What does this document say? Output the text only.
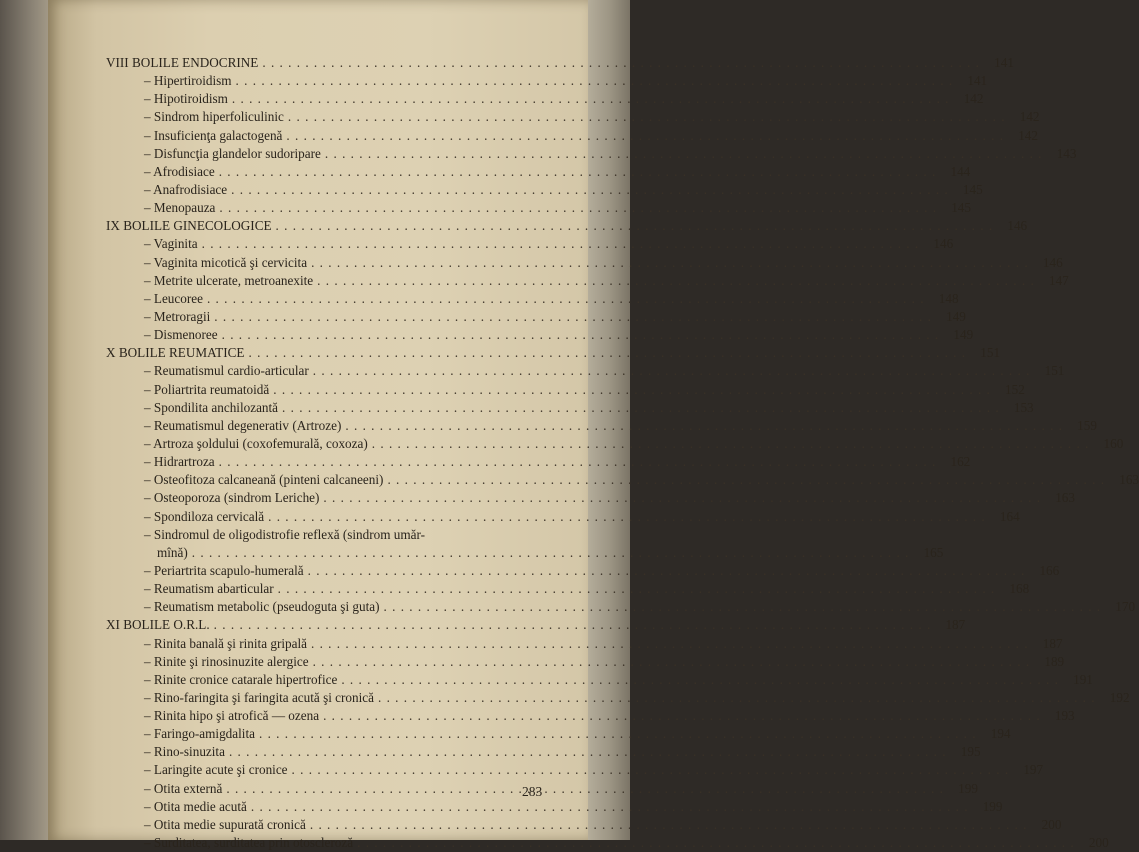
VIII BOLILE ENDOCRINE . . .	141
– Hipertiroidism . . .	141
– Hipotiroidism . . .	142
– Sindrom hiperfoliculinic . . .	142
– Insuficienţa galactogenă . . .	142
– Disfuncţia glandelor sudoripare . . .	143
– Afrodisiace . . .	144
– Anafrodisiace . . .	145
– Menopauza . . .	145
IX BOLILE GINECOLOGICE . . .	146
– Vaginita . . .	146
– Vaginita micotică şi cervicita . . .	146
– Metrite ulcerate, metroanexite . . .	147
– Leucoree . . .	148
– Metroragii . . .	149
– Dismenoree . . .	149
X BOLILE REUMATICE . . .	151
– Reumatismul cardio-articular . . .	151
– Poliartrita reumatoidă . . .	152
– Spondilita anchilozantă . . .	153
– Reumatismul degenerativ (Artroze) . . .	159
– Artroza şoldului (coxofemurală, coxoza) . . .	160
– Hidrartroza . . .	162
– Osteofitoza calcaneană (pinteni calcaneeni) . . .	163
– Osteoporoza (sindrom Leriche) . . .	163
– Spondiloza cervicală . . .	164
– Sindromul de oligodistrofie reflexă (sindrom umăr-
mînă) . . .	165
– Periartrita scapulo-humerală . . .	166
– Reumatism abarticular . . .	168
– Reumatism metabolic (pseudoguta şi guta) . . .	170
XI BOLILE O.R.L. . . .	187
– Rinita banală şi rinita gripală . . .	187
– Rinite şi rinosinuzite alergice . . .	189
– Rinite cronice catarale hipertrofice . . .	191
– Rino-faringita şi faringita acută şi cronică . . .	192
– Rinita hipo şi atrofică — ozena . . .	193
– Faringo-amigdalita . . .	194
– Rino-sinuzita . . .	195
– Laringite acute şi cronice . . .	197
– Otita externă . . .	199
– Otita medie acută . . .	199
– Otita medie supurată cronică . . .	200
– Surditatea, surditatea prin otoscleroză . . .	200
283
